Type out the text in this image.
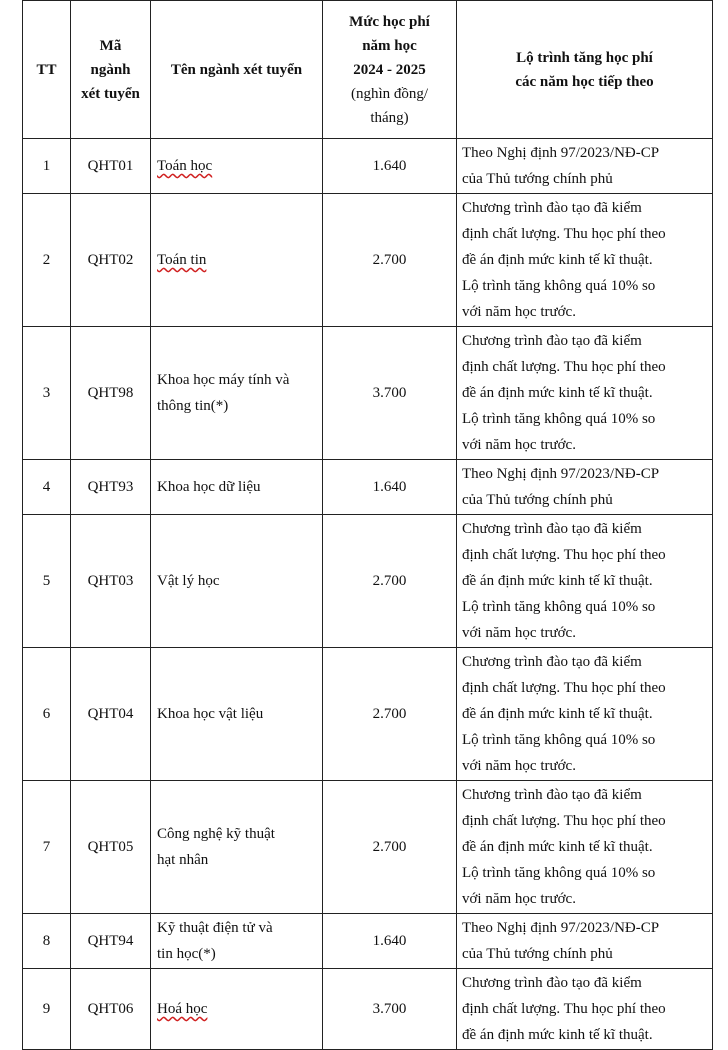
TT	Mã
ngành
xét tuyển	Tên ngành xét tuyển	Mức học phí
năm học
2024 - 2025
(nghìn đồng/
tháng)	Lộ trình tăng học phí
các năm học tiếp theo

1	QHT01	Toán học	1.640	Theo Nghị định 97/2023/NĐ-CP
của Thủ tướng chính phủ

2	QHT02	Toán tin	2.700	Chương trình đào tạo đã kiểm
định chất lượng. Thu học phí theo
đề án định mức kinh tế kĩ thuật.
Lộ trình tăng không quá 10% so
với năm học trước.

3	QHT98	Khoa học máy tính và
thông tin(*)	3.700	Chương trình đào tạo đã kiểm
định chất lượng. Thu học phí theo
đề án định mức kinh tế kĩ thuật.
Lộ trình tăng không quá 10% so
với năm học trước.

4	QHT93	Khoa học dữ liệu	1.640	Theo Nghị định 97/2023/NĐ-CP
của Thủ tướng chính phủ

5	QHT03	Vật lý học	2.700	Chương trình đào tạo đã kiểm
định chất lượng. Thu học phí theo
đề án định mức kinh tế kĩ thuật.
Lộ trình tăng không quá 10% so
với năm học trước.

6	QHT04	Khoa học vật liệu	2.700	Chương trình đào tạo đã kiểm
định chất lượng. Thu học phí theo
đề án định mức kinh tế kĩ thuật.
Lộ trình tăng không quá 10% so
với năm học trước.

7	QHT05	Công nghệ kỹ thuật
hạt nhân	2.700	Chương trình đào tạo đã kiểm
định chất lượng. Thu học phí theo
đề án định mức kinh tế kĩ thuật.
Lộ trình tăng không quá 10% so
với năm học trước.

8	QHT94	Kỹ thuật điện tử và
tin học(*)	1.640	Theo Nghị định 97/2023/NĐ-CP
của Thủ tướng chính phủ

9	QHT06	Hoá học	3.700	Chương trình đào tạo đã kiểm
định chất lượng. Thu học phí theo
đề án định mức kinh tế kĩ thuật.
